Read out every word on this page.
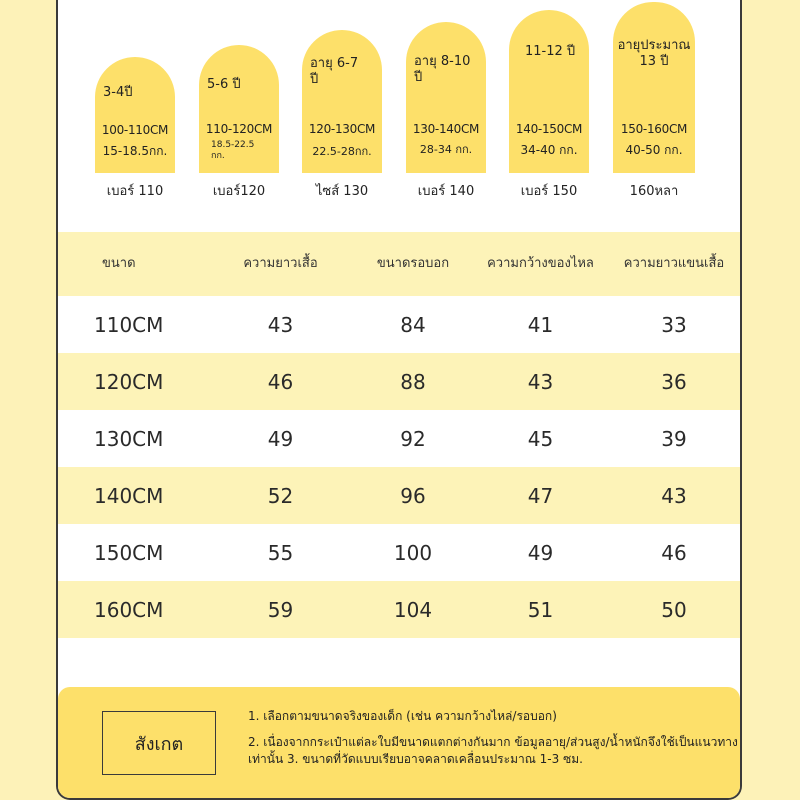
3-4ปี
100-110CM
15-18.5กก.
5-6 ปี
110-120CM
18.5-22.5 กก.
อายุ 6-7 ปี
120-130CM
22.5-28กก.
อายุ 8-10 ปี
130-140CM
28-34 กก.
11-12 ปี
140-150CM
34-40 กก.
อายุประมาณ 13 ปี
150-160CM
40-50 กก.
เบอร์ 110	เบอร์120	ไซส์ 130	เบอร์ 140	เบอร์ 150	160หลา
ขนาด	ความยาวเสื้อ	ขนาดรอบอก	ความกว้างของไหล	ความยาวแขนเสื้อ
110CM	43	84	41	33
120CM	46	88	43	36
130CM	49	92	45	39
140CM	52	96	47	43
150CM	55	100	49	46
160CM	59	104	51	50
สังเกต
1. เลือกตามขนาดจริงของเด็ก (เช่น ความกว้างไหล่/รอบอก)
2. เนื่องจากกระเป๋าแต่ละใบมีขนาดแตกต่างกันมาก ข้อมูลอายุ/ส่วนสูง/น้ำหนักจึงใช้เป็นแนวทางเท่านั้น 3. ขนาดที่วัดแบบเรียบอาจคลาดเคลื่อนประมาณ 1-3 ซม.
